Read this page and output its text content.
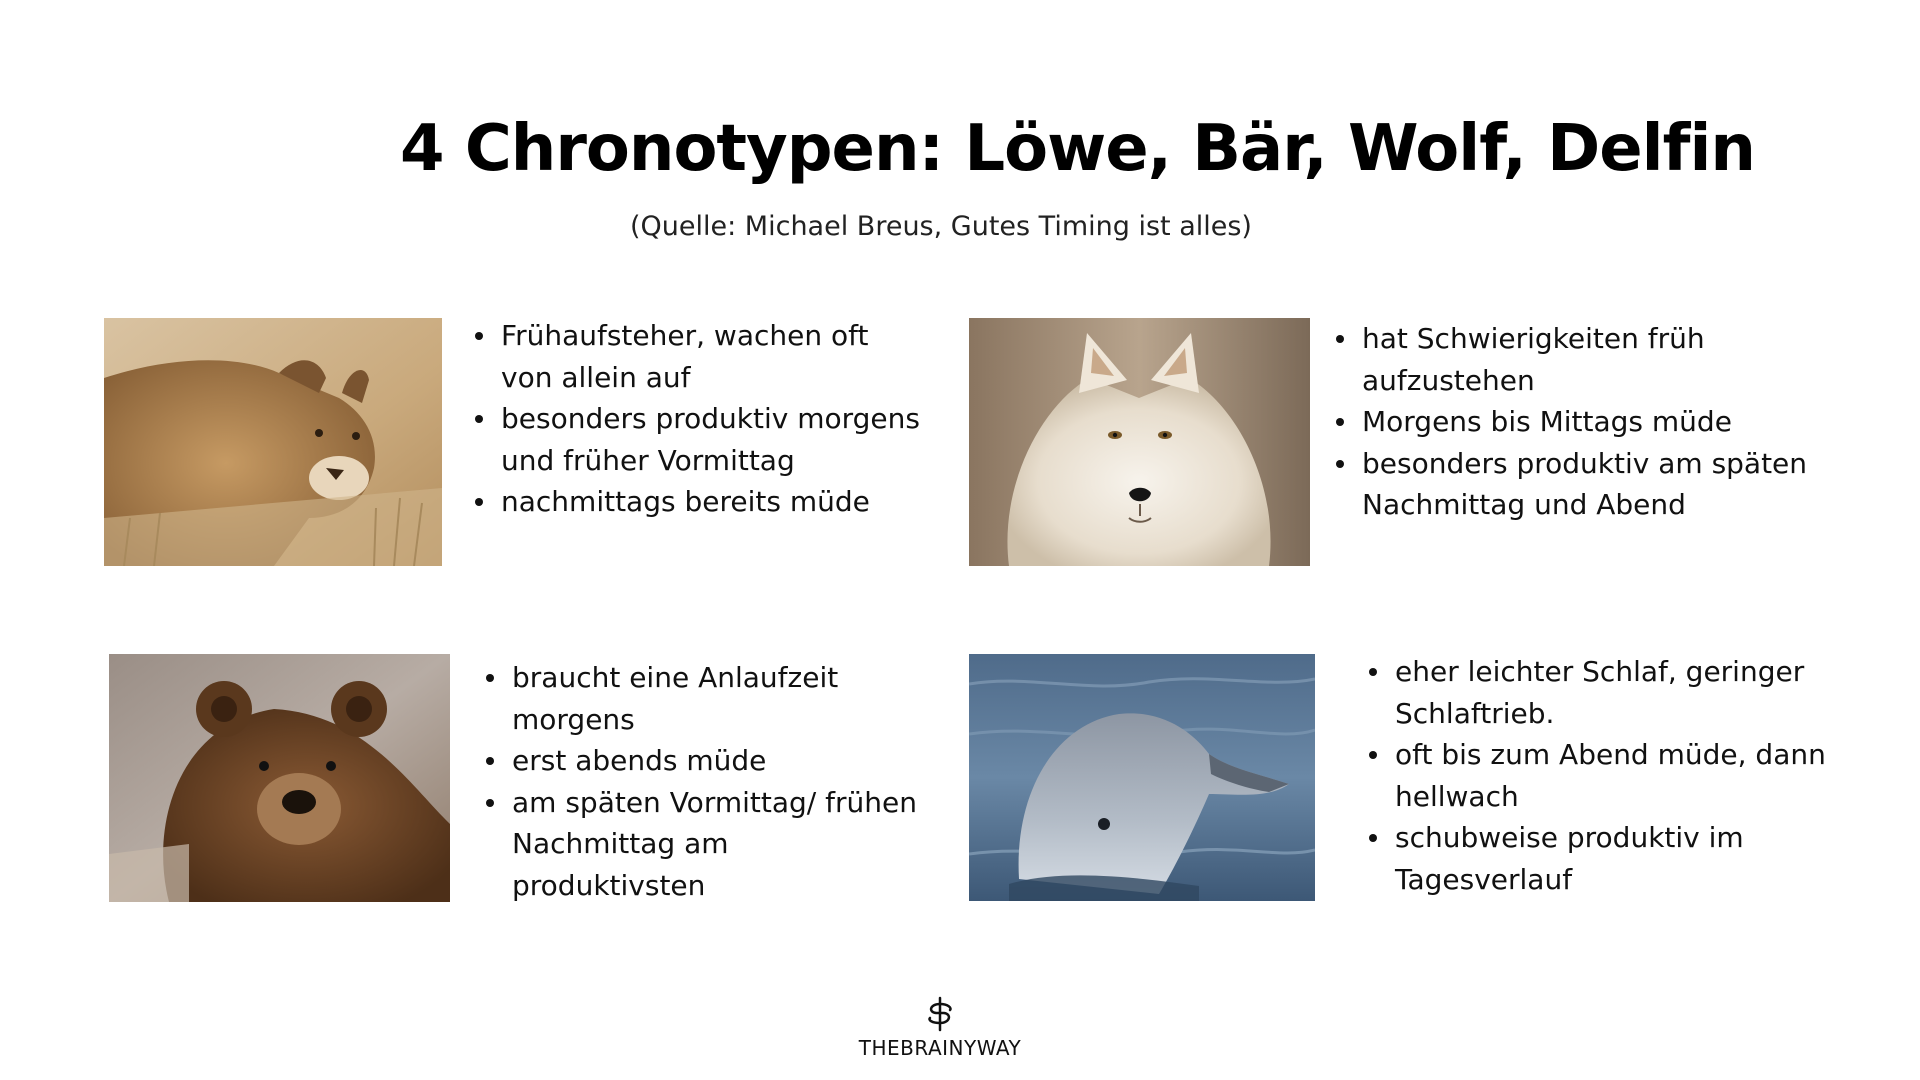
4 Chronotypen: Löwe, Bär, Wolf, Delfin
(Quelle: Michael Breus, Gutes Timing ist alles)
Frühaufsteher, wachen oft von allein auf
besonders produktiv morgens und früher Vormittag
nachmittags bereits müde
hat Schwierigkeiten früh aufzustehen
Morgens bis Mittags müde
besonders produktiv am späten Nachmittag und Abend
braucht eine Anlaufzeit morgens
erst abends müde
am späten Vormittag/ frühen Nachmittag am produktivsten
eher leichter Schlaf, geringer Schlaftrieb.
oft bis zum Abend müde, dann hellwach
schubweise produktiv im Tagesverlauf
THEBRAINYWAY
